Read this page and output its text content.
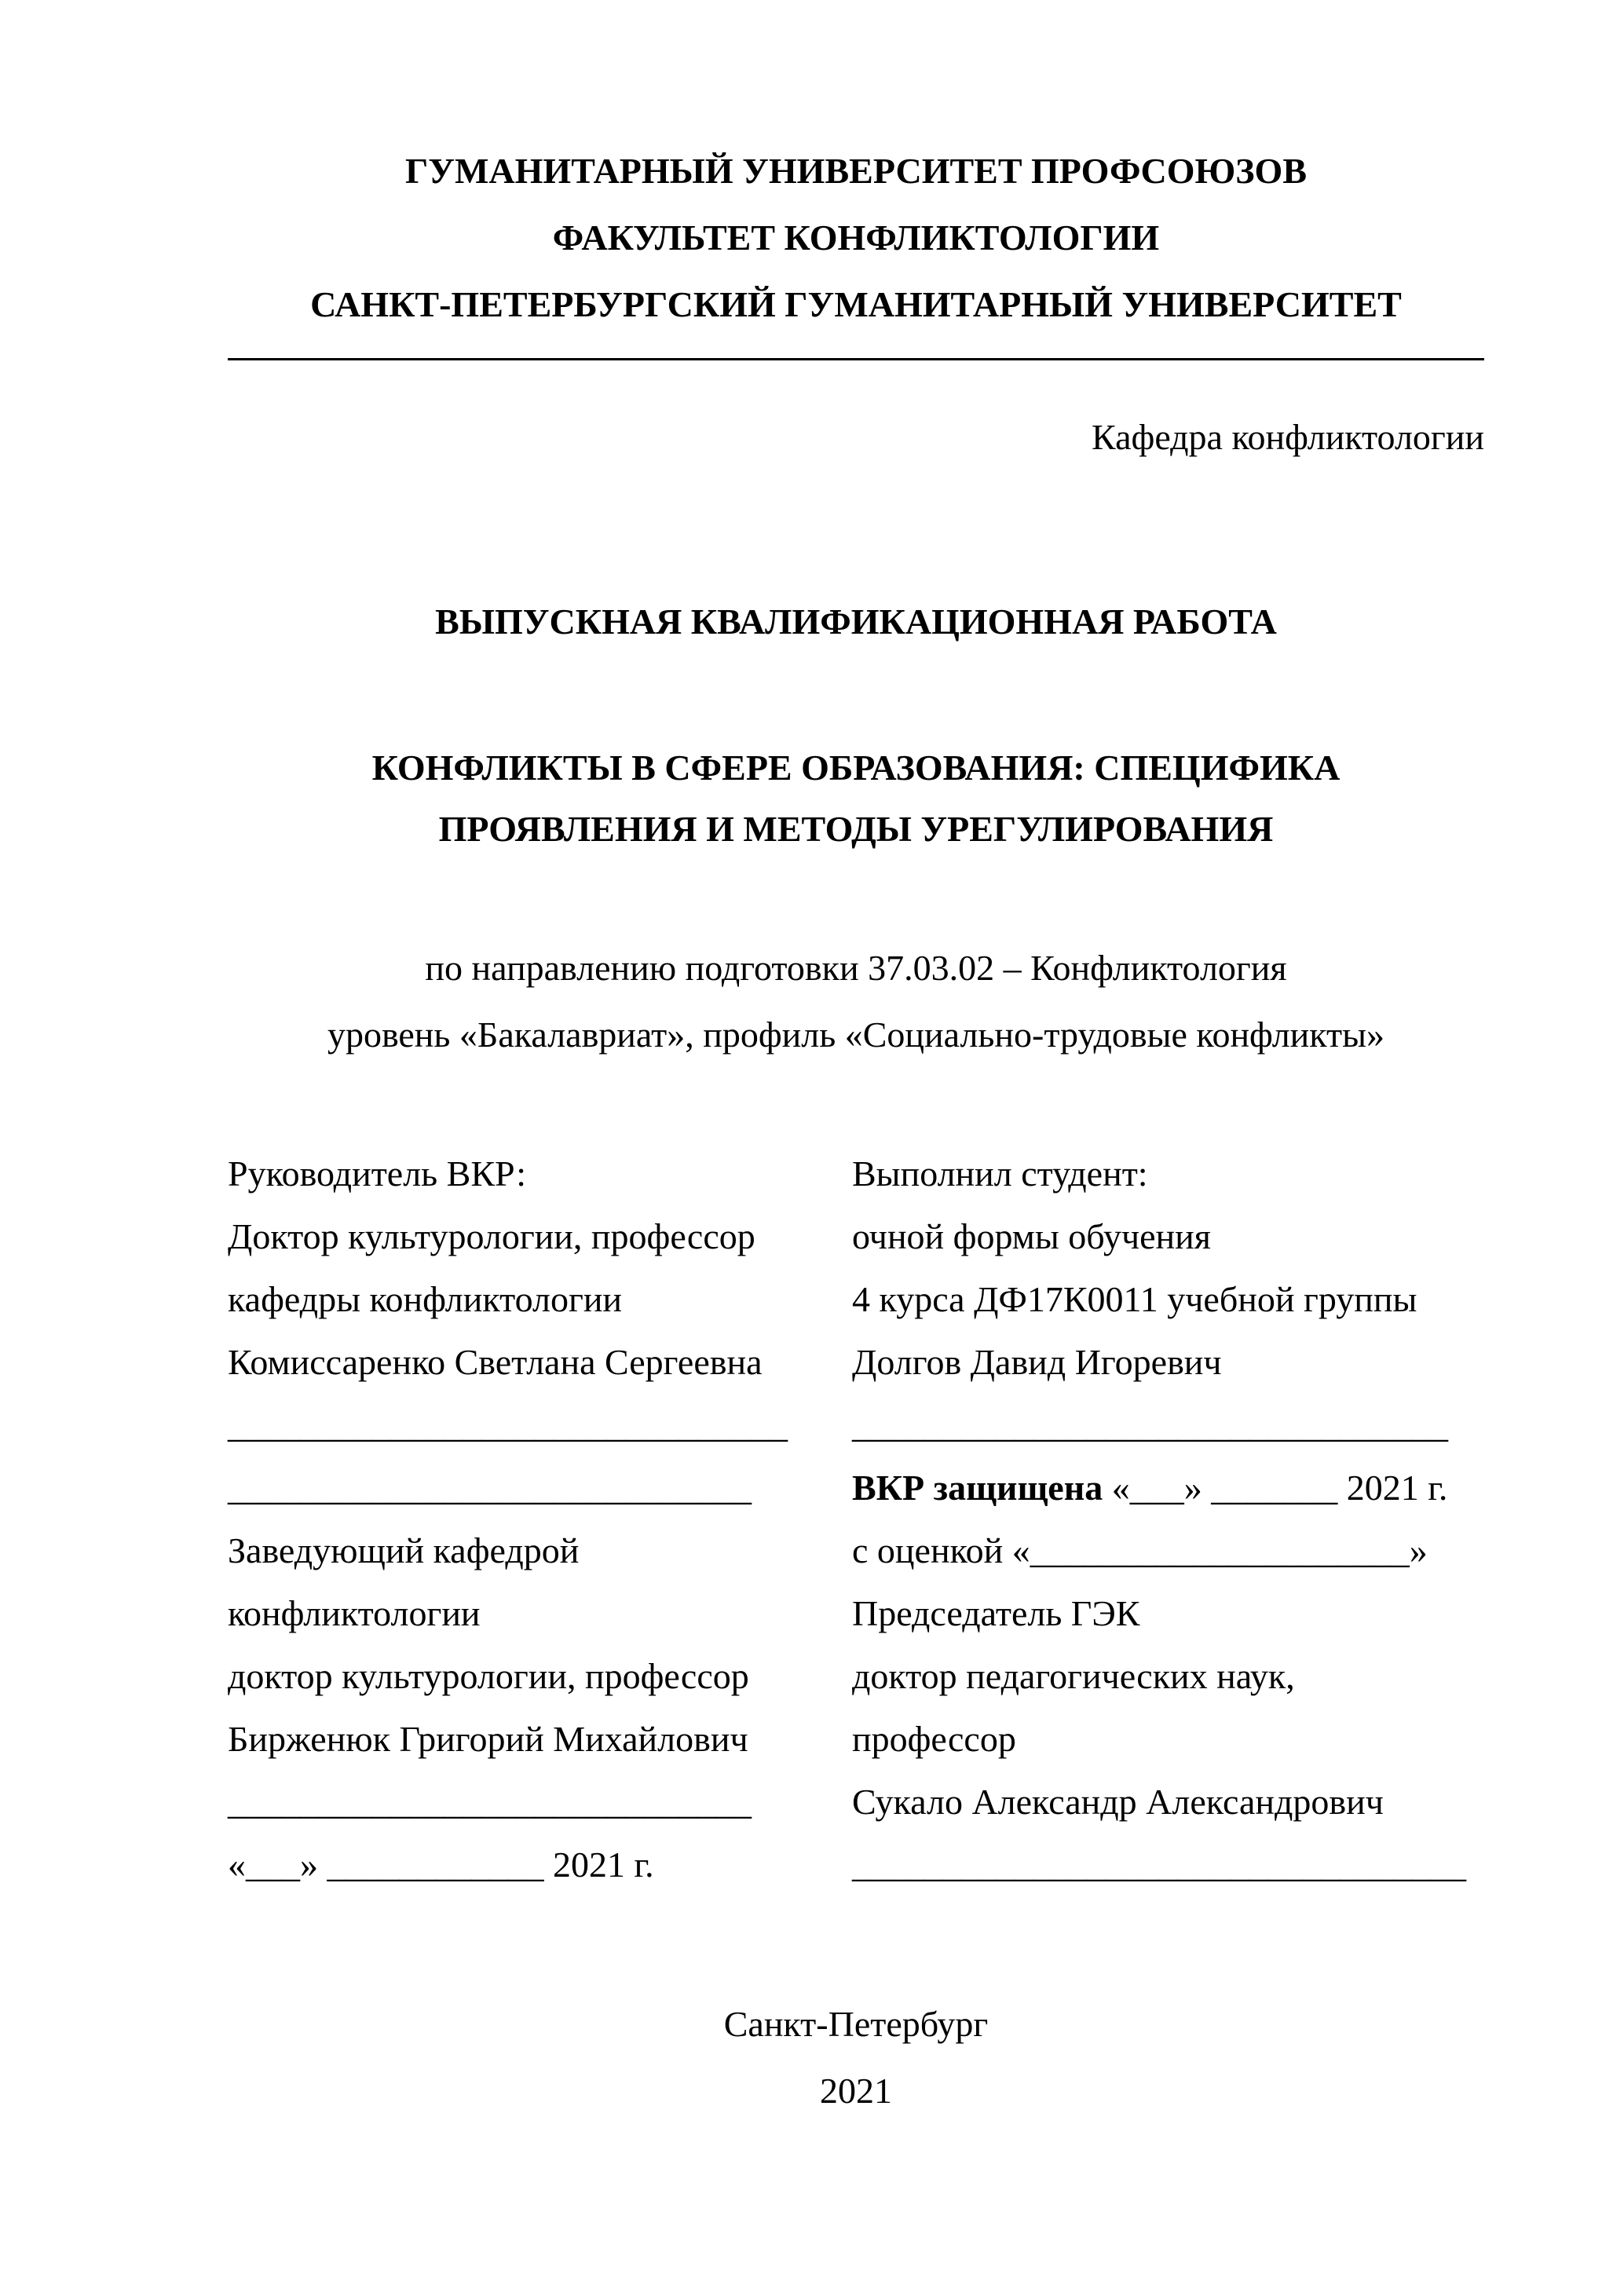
ГУМАНИТАРНЫЙ УНИВЕРСИТЕТ ПРОФСОЮЗОВ
ФАКУЛЬТЕТ КОНФЛИКТОЛОГИИ
САНКТ-ПЕТЕРБУРГСКИЙ ГУМАНИТАРНЫЙ УНИВЕРСИТЕТ
Кафедра конфликтологии
ВЫПУСКНАЯ КВАЛИФИКАЦИОННАЯ РАБОТА
КОНФЛИКТЫ В СФЕРЕ ОБРАЗОВАНИЯ: СПЕЦИФИКА
ПРОЯВЛЕНИЯ И МЕТОДЫ УРЕГУЛИРОВАНИЯ
по направлению подготовки 37.03.02 – Конфликтология
уровень «Бакалавриат», профиль «Социально-трудовые конфликты»
Руководитель ВКР:
Доктор культурологии, профессор
кафедры конфликтологии
Комиссаренко Светлана Сергеевна
_______________________________
_____________________________
Заведующий кафедрой
конфликтологии
доктор культурологии, профессор
Бирженюк Григорий Михайлович
_____________________________
«___» ____________ 2021 г.
Выполнил студент:
очной формы обучения
4 курса ДФ17К0011 учебной группы
Долгов Давид Игоревич
_________________________________
ВКР защищена «___» _______ 2021 г.
с оценкой «_____________________»
Председатель ГЭК
доктор педагогических наук,
профессор
Сукало Александр Александрович
__________________________________
Санкт-Петербург
2021
